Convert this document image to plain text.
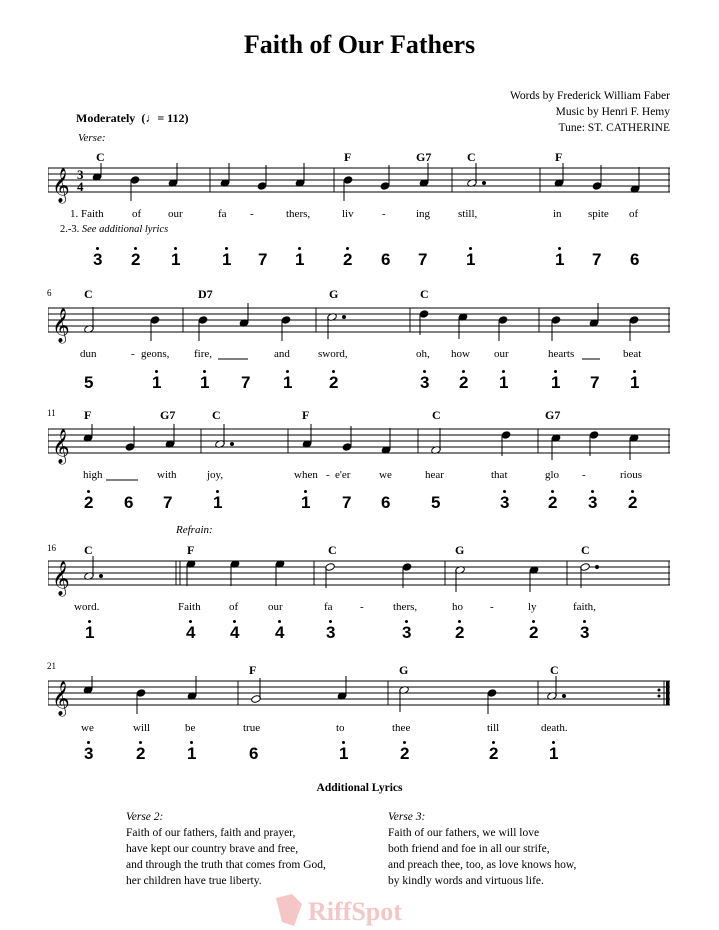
Faith of Our Fathers
Words by Frederick William Faber
Music by Henri F. Hemy
Tune: ST. CATHERINE
Moderately  (♩= 112)
Verse:
Refrain:
6
11
16
21
C	F	G7	C	F
𝄞 3
4
1. Faith	of our	fa -	thers,	liv	-	ing	still,	in spite of
2.-3. See additional lyrics
3 2 1 1 7 1 2 6 7 1	1 7 6
C	D7	G	C
𝄞
dun	- geons, fire,	and	sword,	oh, how our	hearts	beat
5	1 1 7 1 2	3 2 1	1 7 1
F	G7	C	F	C	G7
𝄞
high	with	joy,	when - e'er	we	hear	that	glo -	rious
2 6 7 1	1 7 6 5	3 2 3 2
C	F	C	G	C
𝄞
word.	Faith	of	our	fa -	thers,	ho -	ly	faith,
1	4 4 4 3	3	2	2 3
F	G	C
𝄞
we	will	be	true	to	thee	till	death.
3	2 1	6	1	2	2	1
Additional Lyrics
Verse 2:
Faith of our fathers, faith and prayer,
have kept our country brave and free,
and through the truth that comes from God,
her children have true liberty.
Verse 3:
Faith of our fathers, we will love
both friend and foe in all our strife,
and preach thee, too, as love knows how,
by kindly words and virtuous life.
RiffSpot
